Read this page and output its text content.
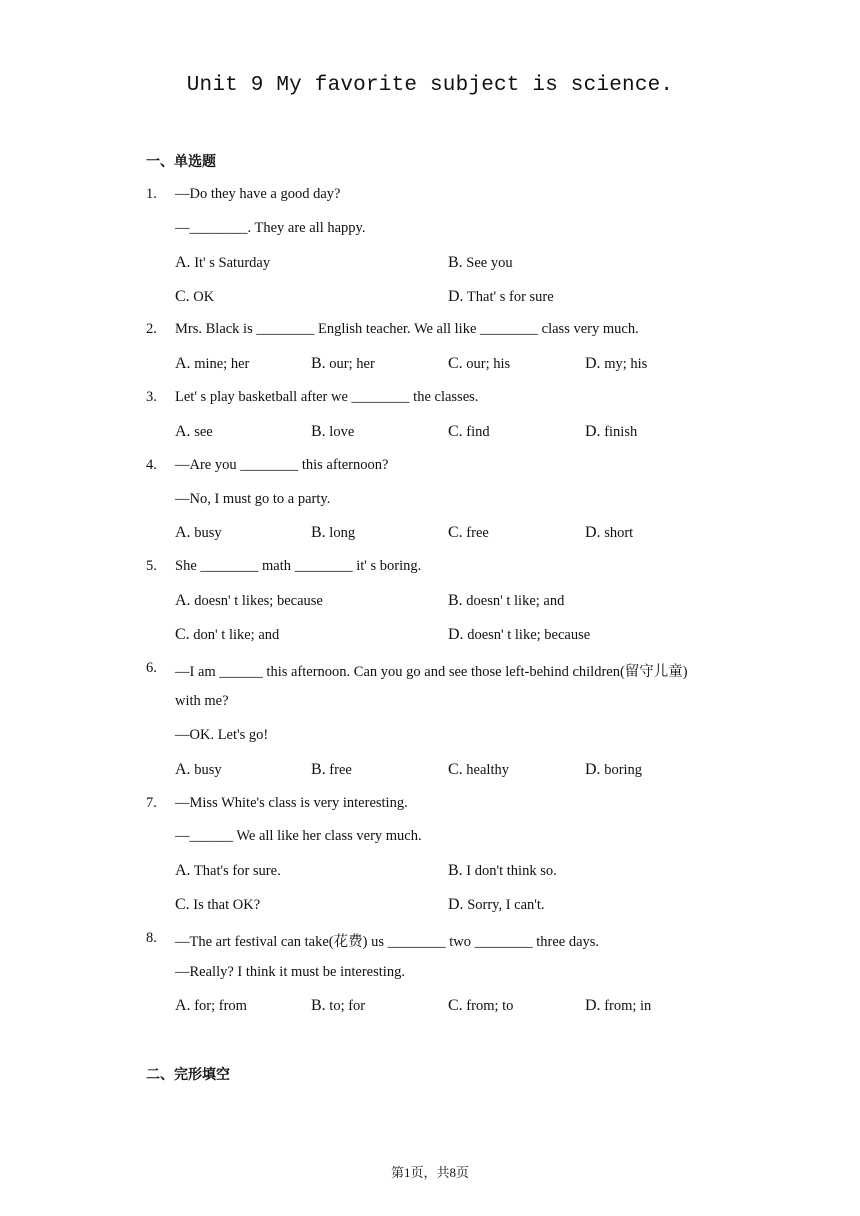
Unit 9 My favorite subject is science.
一、单选题
1. —Do they have a good day?
—________. They are all happy.
A. It' s Saturday	B. See you
C. OK	D. That' s for sure
2. Mrs. Black is ________ English teacher. We all like ________ class very much.
A. mine; her	B. our; her	C. our; his	D. my; his
3. Let' s play basketball after we ________ the classes.
A. see	B. love	C. find	D. finish
4. —Are you ________ this afternoon?
—No, I must go to a party.
A. busy	B. long	C. free	D. short
5. She ________ math ________ it' s boring.
A. doesn' t likes; because	B. doesn' t like; and
C. don' t like; and	D. doesn' t like; because
6. —I am ______ this afternoon. Can you go and see those left-behind children(留守儿童)
with me?
—OK. Let's go!
A. busy	B. free	C. healthy	D. boring
7. —Miss White's class is very interesting.
—______ We all like her class very much.
A. That's for sure.	B. I don't think so.
C. Is that OK?	D. Sorry, I can't.
8. —The art festival can take(花费) us ________ two ________ three days.
—Really? I think it must be interesting.
A. for; from	B. to; for	C. from; to	D. from; in
二、完形填空
第1页，共8页
